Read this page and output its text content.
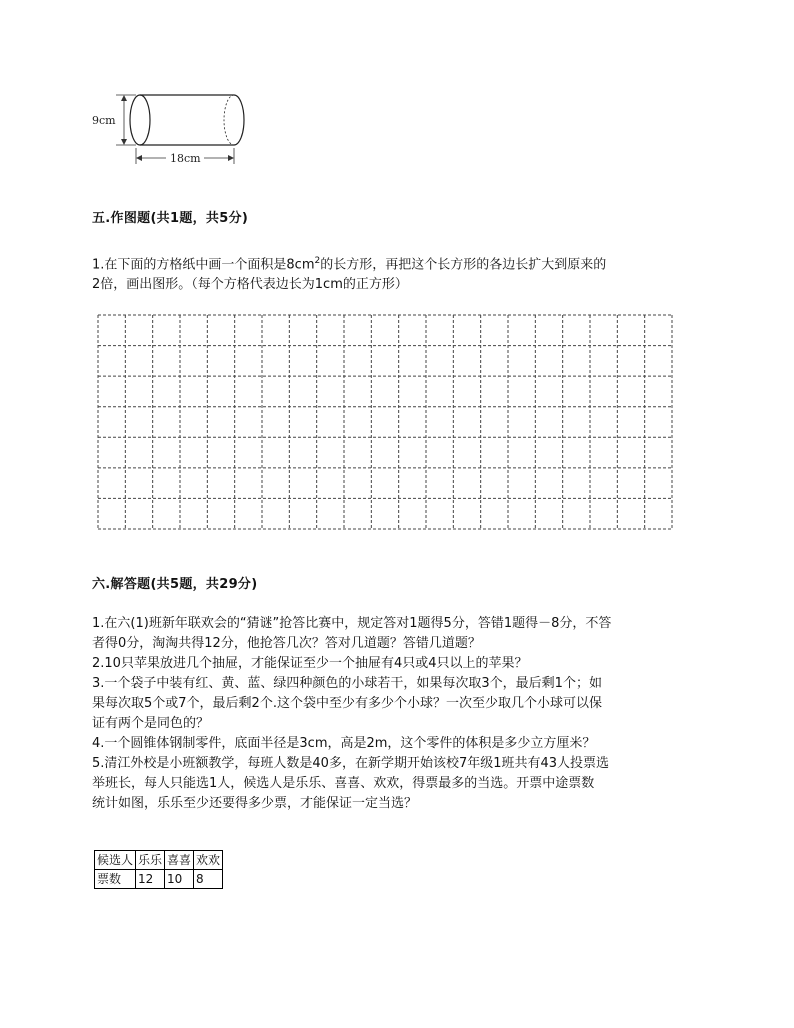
9cm
18cm
五.作图题(共1题，共5分)
1.在下面的方格纸中画一个面积是$8cm^2$的长方形，再把这个长方形的各边长扩大到原来的
2倍，画出图形。（每个方格代表边长为1cm的正方形）
六.解答题(共5题，共29分)
1.在六(1)班新年联欢会的“猜谜”抢答比赛中，规定答对1题得5分，答错1题得－8分，不答
者得0分，淘淘共得12分，他抢答几次？答对几道题？答错几道题？
2.10只苹果放进几个抽屉，才能保证至少一个抽屉有4只或4只以上的苹果？
3.一个袋子中装有红、黄、蓝、绿四种颜色的小球若干，如果每次取3个，最后剩1个；如
果每次取5个或7个，最后剩2个.这个袋中至少有多少个小球？一次至少取几个小球可以保
证有两个是同色的？
4.一个圆锥体钢制零件，底面半径是3cm，高是2m，这个零件的体积是多少立方厘米？
5.清江外校是小班额教学，每班人数是40多，在新学期开始该校7年级1班共有43人投票选
举班长，每人只能选1人，候选人是乐乐、喜喜、欢欢，得票最多的当选。开票中途票数
统计如图，乐乐至少还要得多少票，才能保证一定当选？
候选人	乐乐	喜喜	欢欢
票数	12	10	8
